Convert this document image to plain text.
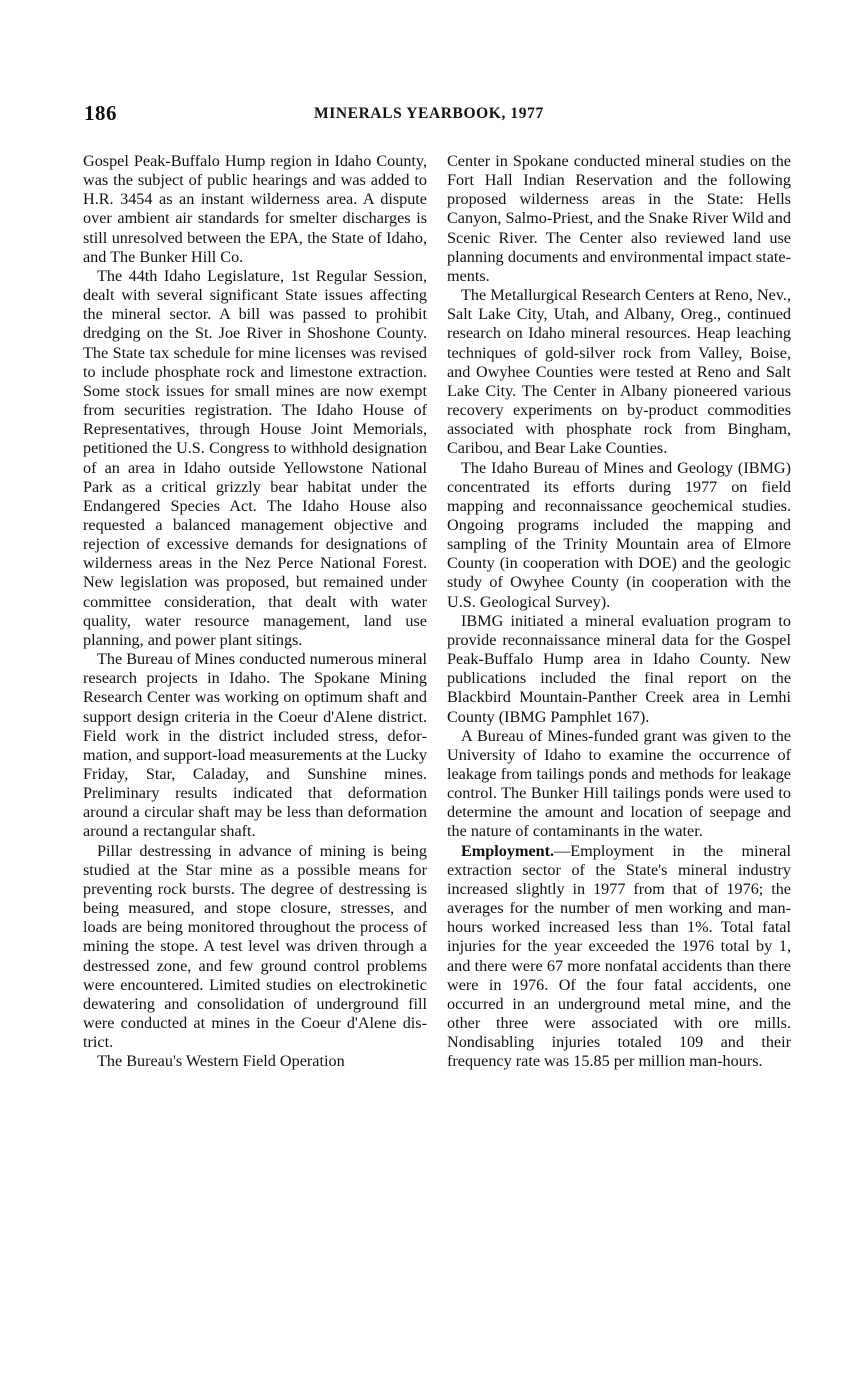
186	MINERALS YEARBOOK, 1977

Gospel Peak-Buffalo Hump region in Idaho County, was the subject of public hearings and was added to H.R. 3454 as an instant wilderness area. A dispute over ambient air standards for smelter discharges is still unresolved between the EPA, the State of Idaho, and The Bunker Hill Co.

The 44th Idaho Legislature, 1st Regular Session, dealt with several significant State issues affecting the mineral sector. A bill was passed to prohibit dredging on the St. Joe River in Shoshone County. The State tax schedule for mine licenses was revised to include phosphate rock and limestone extraction. Some stock issues for small mines are now exempt from securities registration. The Idaho House of Representatives, through House Joint Memorials, petitioned the U.S. Congress to withhold designation of an area in Idaho outside Yellowstone National Park as a critical grizzly bear habitat under the Endangered Species Act. The Idaho House also requested a balanced management objective and rejection of excessive demands for designations of wilderness areas in the Nez Perce National Forest. New legislation was proposed, but remained under committee consideration, that dealt with water quality, water resource management, land use planning, and power plant sitings.

The Bureau of Mines conducted numerous mineral research projects in Idaho. The Spokane Mining Research Center was working on optimum shaft and support design criteria in the Coeur d'Alene district. Field work in the district included stress, deformation, and support-load measurements at the Lucky Friday, Star, Caladay, and Sunshine mines. Preliminary results indicated that deformation around a circular shaft may be less than deformation around a rectangular shaft.

Pillar destressing in advance of mining is being studied at the Star mine as a possible means for preventing rock bursts. The degree of destressing is being measured, and stope closure, stresses, and loads are being monitored throughout the process of mining the stope. A test level was driven through a destressed zone, and few ground control problems were encountered. Limited studies on electrokinetic dewatering and consolidation of underground fill were conducted at mines in the Coeur d'Alene district.

The Bureau's Western Field Operation

Center in Spokane conducted mineral studies on the Fort Hall Indian Reservation and the following proposed wilderness areas in the State: Hells Canyon, Salmo-Priest, and the Snake River Wild and Scenic River. The Center also reviewed land use planning documents and environmental impact statements.

The Metallurgical Research Centers at Reno, Nev., Salt Lake City, Utah, and Albany, Oreg., continued research on Idaho mineral resources. Heap leaching techniques of gold-silver rock from Valley, Boise, and Owyhee Counties were tested at Reno and Salt Lake City. The Center in Albany pioneered various recovery experiments on by-product commodities associated with phosphate rock from Bingham, Caribou, and Bear Lake Counties.

The Idaho Bureau of Mines and Geology (IBMG) concentrated its efforts during 1977 on field mapping and reconnaissance geochemical studies. Ongoing programs included the mapping and sampling of the Trinity Mountain area of Elmore County (in cooperation with DOE) and the geologic study of Owyhee County (in cooperation with the U.S. Geological Survey).

IBMG initiated a mineral evaluation program to provide reconnaissance mineral data for the Gospel Peak-Buffalo Hump area in Idaho County. New publications included the final report on the Blackbird Mountain-Panther Creek area in Lemhi County (IBMG Pamphlet 167).

A Bureau of Mines-funded grant was given to the University of Idaho to examine the occurrence of leakage from tailings ponds and methods for leakage control. The Bunker Hill tailings ponds were used to determine the amount and location of seepage and the nature of contaminants in the water.

Employment.—Employment in the mineral extraction sector of the State's mineral industry increased slightly in 1977 from that of 1976; the averages for the number of men working and man-hours worked increased less than 1%. Total fatal injuries for the year exceeded the 1976 total by 1, and there were 67 more nonfatal accidents than there were in 1976. Of the four fatal accidents, one occurred in an underground metal mine, and the other three were associated with ore mills. Nondisabling injuries totaled 109 and their frequency rate was 15.85 per million man-hours.
